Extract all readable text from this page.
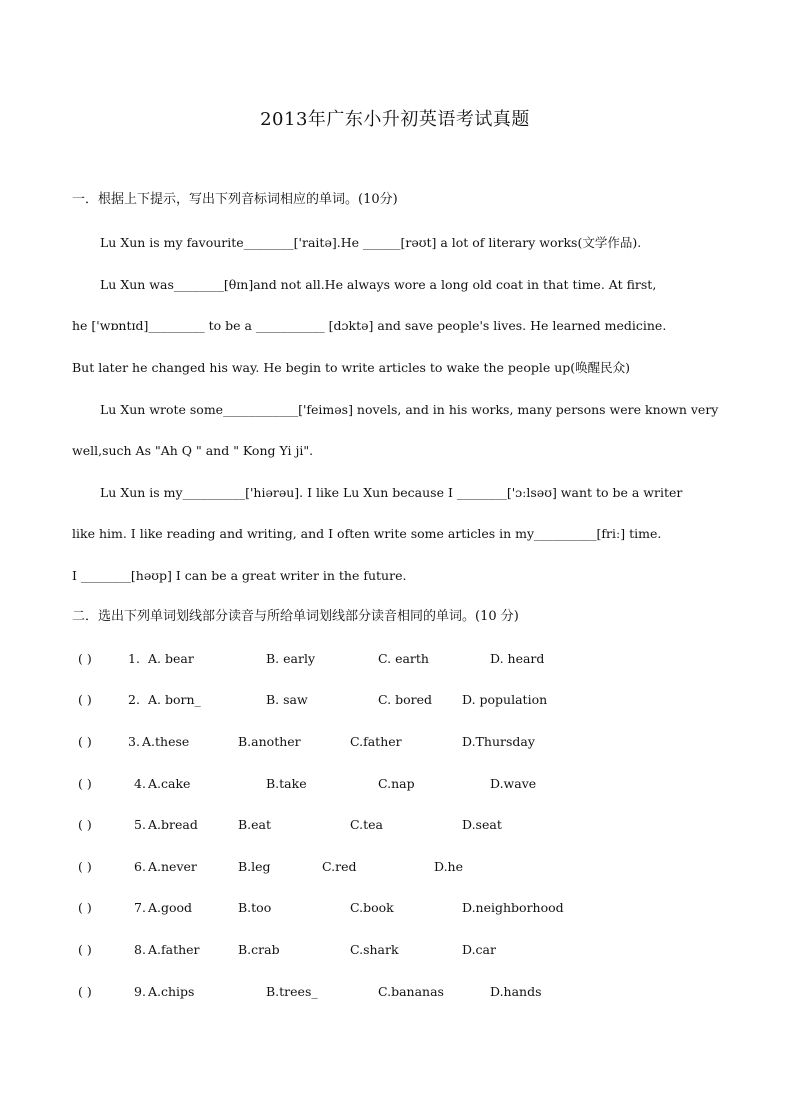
2013年广东小升初英语考试真题
一．根据上下提示，写出下列音标词相应的单词。(10分)
Lu Xun is my favourite________['raitə].He ______[rəʊt] a lot of literary works(文学作品).
Lu Xun was________[θɪn]and not all.He always wore a long old coat in that time. At first,
he ['wɒntɪd]_________ to be a ___________ [dɔktə] and save people's lives. He learned medicine.
But later he changed his way. He begin to write articles to wake the people up(唤醒民众)
Lu Xun wrote some____________['feiməs] novels, and in his works, many persons were known very
well,such As "Ah Q " and " Kong Yi ji".
Lu Xun is my__________['hiərəu]. I like Lu Xun because I ________['ɔːlsəʊ] want to be a writer
like him. I like reading and writing, and I often write some articles in my__________[friː] time.
I ________[həʊp] I can be a great writer in the future.
二．选出下列单词划线部分读音与所给单词划线部分读音相同的单词。(10 分)
( )	1. A. bear	B. early	C. earth	D. heard
( )	2. A. born_	B. saw	C. bored D. population
( )	3. A.these	B.another	C.father	D.Thursday
( )	4. A.cake	B.take	C.nap	D.wave
( )	5. A.bread	B.eat	C.tea	D.seat
( )	6. A.never	B.leg	C.red	D.he
( )	7. A.good	B.too	C.book	D.neighborhood
( )	8. A.father	B.crab	C.shark	D.car
( )	9. A.chips	B.trees_	C.bananas	D.hands
